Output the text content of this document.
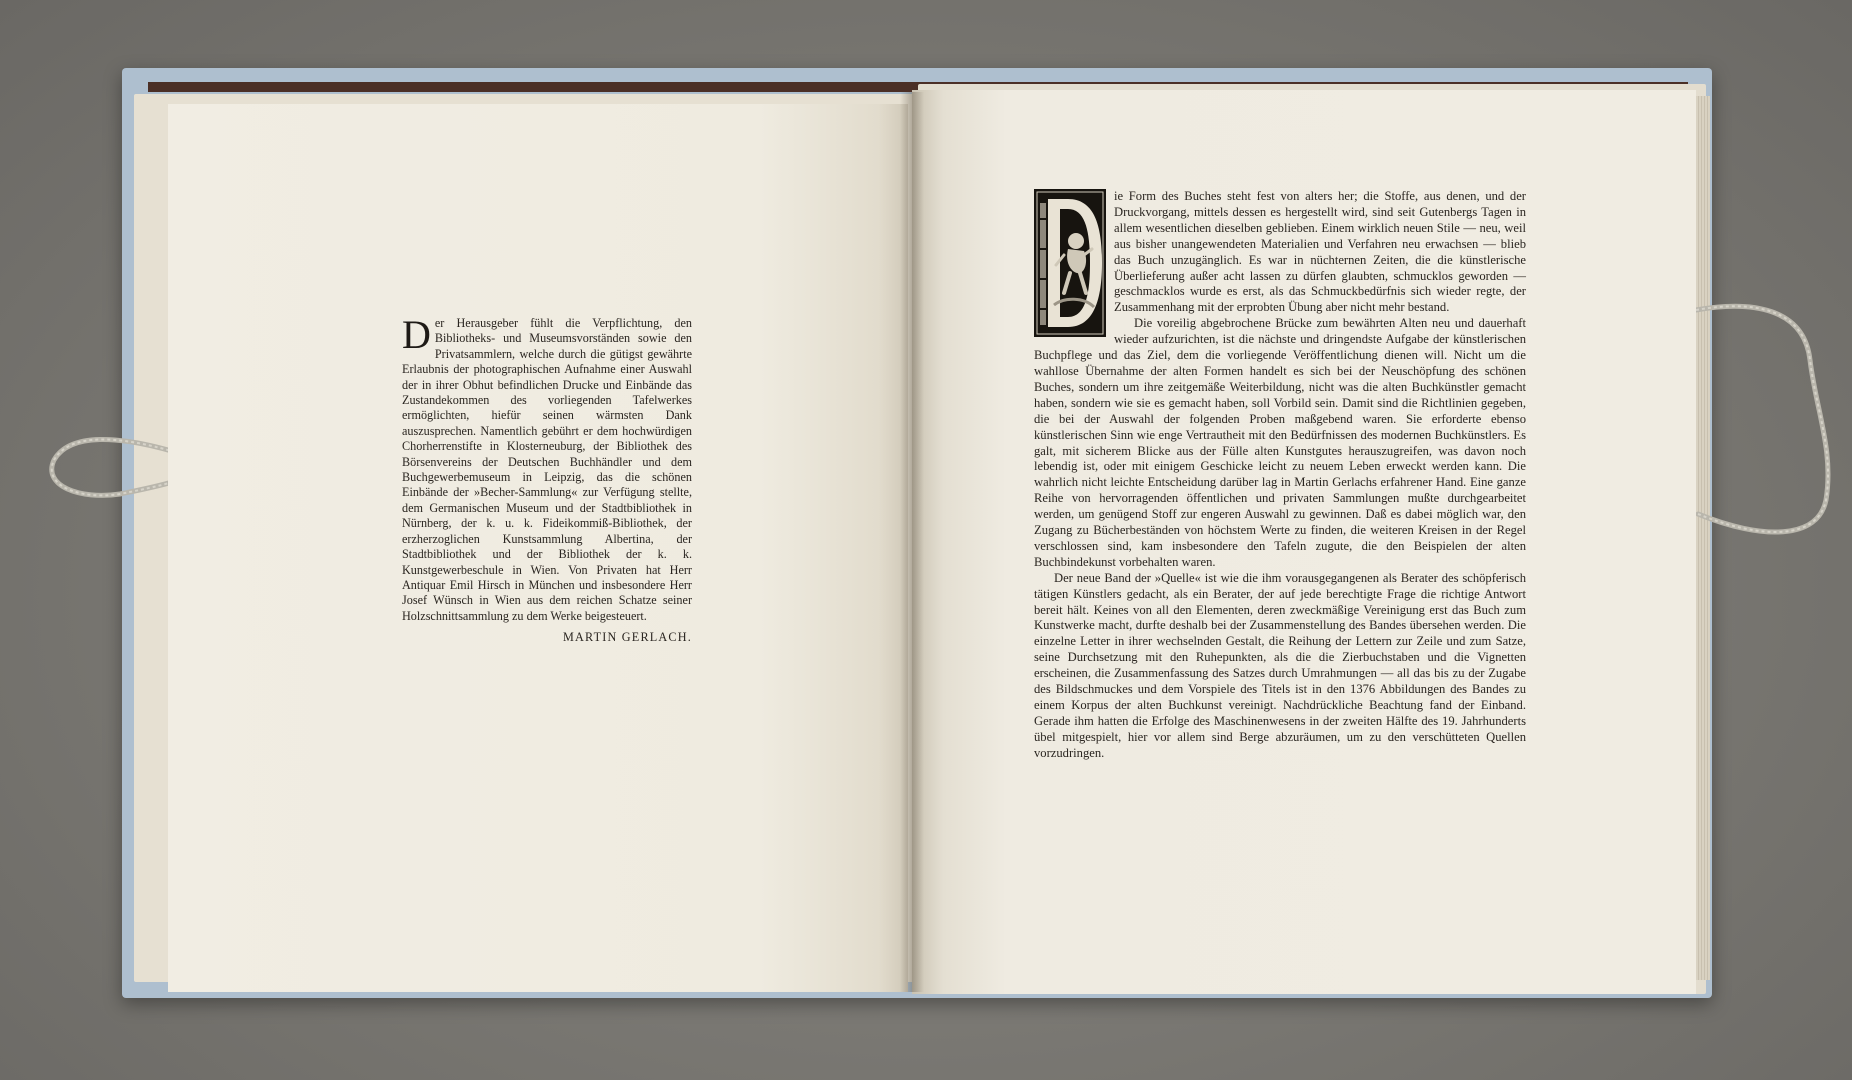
Der Herausgeber fühlt die Verpflichtung, den Bibliotheks- und Museumsvorständen sowie den Privatsammlern, welche durch die gütigst gewährte Erlaubnis der photographischen Aufnahme einer Auswahl der in ihrer Obhut befindlichen Drucke und Einbände das Zustandekommen des vorliegenden Tafelwerkes ermöglichten, hiefür seinen wärmsten Dank auszusprechen. Namentlich gebührt er dem hochwürdigen Chorherrenstifte in Klosterneuburg, der Bibliothek des Börsenvereins der Deutschen Buchhändler und dem Buchgewerbemuseum in Leipzig, das die schönen Einbände der »Becher-Sammlung« zur Verfügung stellte, dem Germanischen Museum und der Stadtbibliothek in Nürnberg, der k. u. k. Fideikommiß-Bibliothek, der erzherzoglichen Kunstsammlung Albertina, der Stadtbibliothek und der Bibliothek der k. k. Kunstgewerbeschule in Wien. Von Privaten hat Herr Antiquar Emil Hirsch in München und insbesondere Herr Josef Wünsch in Wien aus dem reichen Schatze seiner Holzschnittsammlung zu dem Werke beigesteuert.
MARTIN GERLACH.

ie Form des Buches steht fest von alters her; die Stoffe, aus denen, und der Druckvorgang, mittels dessen es hergestellt wird, sind seit Gutenbergs Tagen in allem wesentlichen dieselben geblieben. Einem wirklich neuen Stile — neu, weil aus bisher unangewendeten Materialien und Verfahren neu erwachsen — blieb das Buch unzugänglich. Es war in nüchternen Zeiten, die die künstlerische Überlieferung außer acht lassen zu dürfen glaubten, schmucklos geworden — geschmacklos wurde es erst, als das Schmuckbedürfnis sich wieder regte, der Zusammenhang mit der erprobten Übung aber nicht mehr bestand.

Die voreilig abgebrochene Brücke zum bewährten Alten neu und dauerhaft wieder aufzurichten, ist die nächste und dringendste Aufgabe der künstlerischen Buchpflege und das Ziel, dem die vorliegende Veröffentlichung dienen will. Nicht um die wahllose Übernahme der alten Formen handelt es sich bei der Neuschöpfung des schönen Buches, sondern um ihre zeitgemäße Weiterbildung, nicht was die alten Buchkünstler gemacht haben, sondern wie sie es gemacht haben, soll Vorbild sein. Damit sind die Richtlinien gegeben, die bei der Auswahl der folgenden Proben maßgebend waren. Sie erforderte ebenso künstlerischen Sinn wie enge Vertrautheit mit den Bedürfnissen des modernen Buchkünstlers. Es galt, mit sicherem Blicke aus der Fülle alten Kunstgutes herauszugreifen, was davon noch lebendig ist, oder mit einigem Geschicke leicht zu neuem Leben erweckt werden kann. Die wahrlich nicht leichte Entscheidung darüber lag in Martin Gerlachs erfahrener Hand. Eine ganze Reihe von hervorragenden öffentlichen und privaten Sammlungen mußte durchgearbeitet werden, um genügend Stoff zur engeren Auswahl zu gewinnen. Daß es dabei möglich war, den Zugang zu Bücherbeständen von höchstem Werte zu finden, die weiteren Kreisen in der Regel verschlossen sind, kam insbesondere den Tafeln zugute, die den Beispielen der alten Buchbindekunst vorbehalten waren.

Der neue Band der »Quelle« ist wie die ihm vorausgegangenen als Berater des schöpferisch tätigen Künstlers gedacht, als ein Berater, der auf jede berechtigte Frage die richtige Antwort bereit hält. Keines von all den Elementen, deren zweckmäßige Vereinigung erst das Buch zum Kunstwerke macht, durfte deshalb bei der Zusammenstellung des Bandes übersehen werden. Die einzelne Letter in ihrer wechselnden Gestalt, die Reihung der Lettern zur Zeile und zum Satze, seine Durchsetzung mit den Ruhepunkten, als die die Zierbuchstaben und die Vignetten erscheinen, die Zusammenfassung des Satzes durch Umrahmungen — all das bis zu der Zugabe des Bildschmuckes und dem Vorspiele des Titels ist in den 1376 Abbildungen des Bandes zu einem Korpus der alten Buchkunst vereinigt. Nachdrückliche Beachtung fand der Einband. Gerade ihm hatten die Erfolge des Maschinenwesens in der zweiten Hälfte des 19. Jahrhunderts übel mitgespielt, hier vor allem sind Berge abzuräumen, um zu den verschütteten Quellen vorzudringen.
